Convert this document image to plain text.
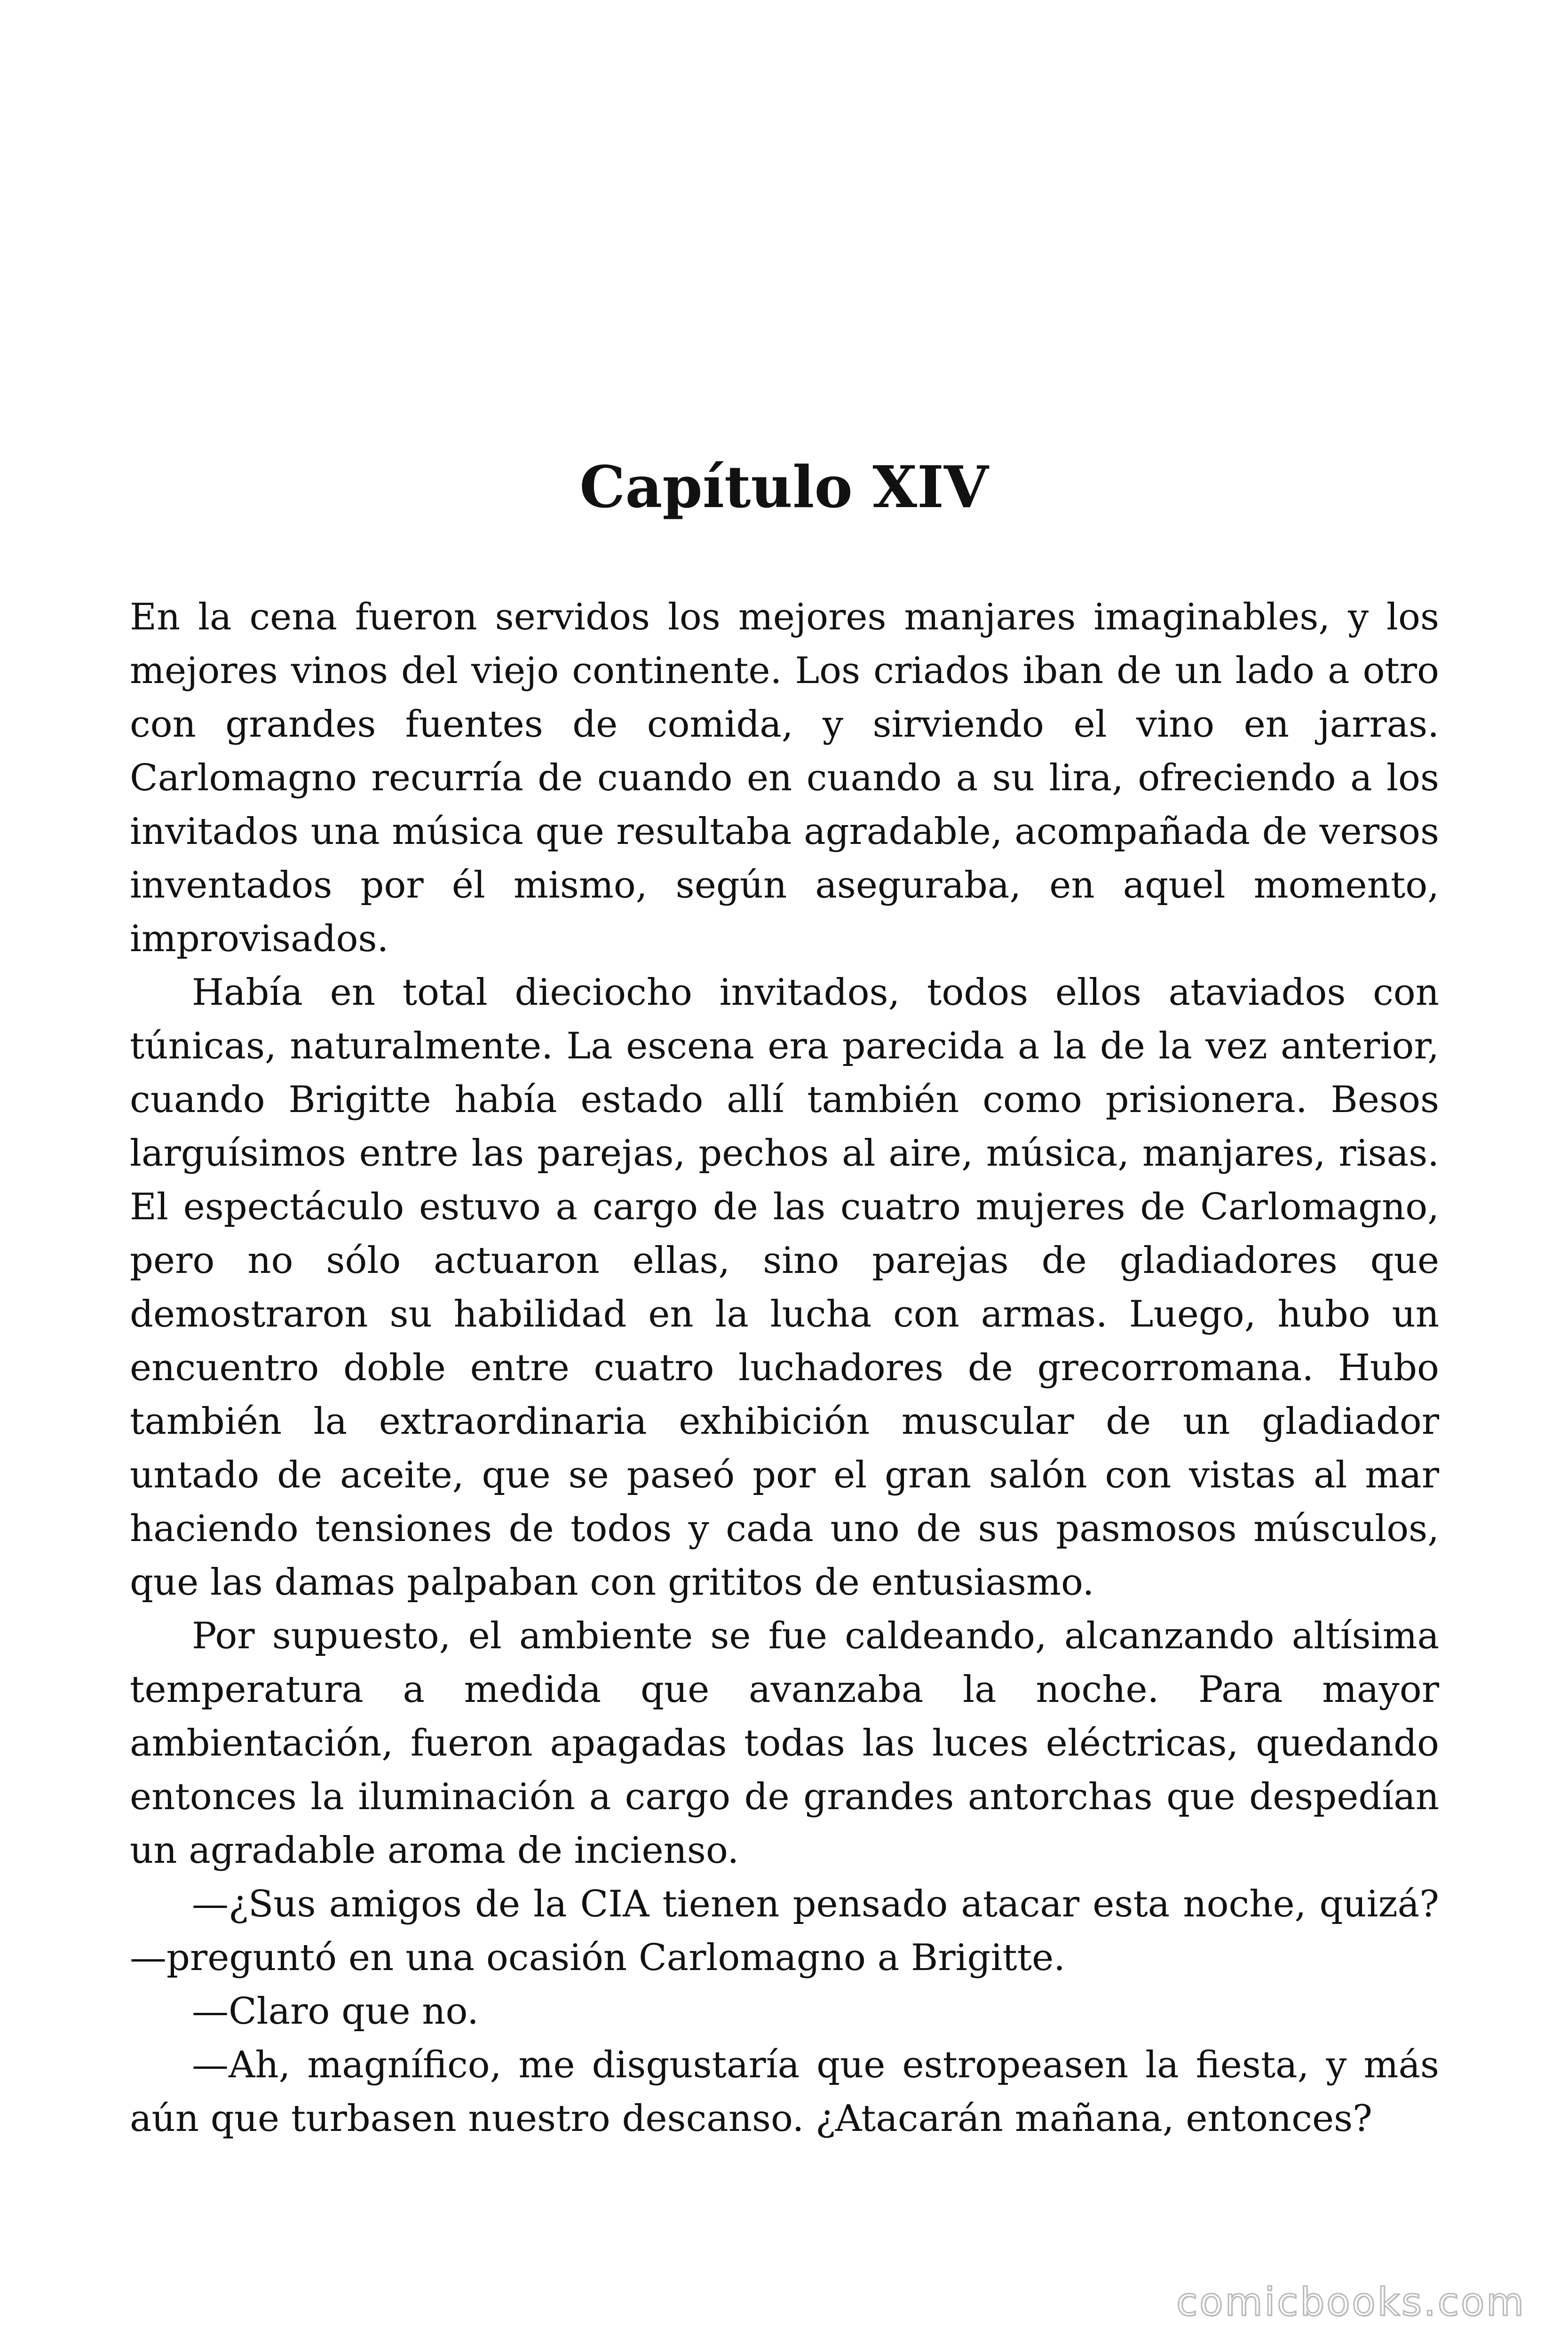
Capítulo XIV

En la cena fueron servidos los mejores manjares imaginables, y los mejores vinos del viejo continente. Los criados iban de un lado a otro con grandes fuentes de comida, y sirviendo el vino en jarras. Carlomagno recurría de cuando en cuando a su lira, ofreciendo a los invitados una música que resultaba agradable, acompañada de versos inventados por él mismo, según aseguraba, en aquel momento, improvisados.

Había en total dieciocho invitados, todos ellos ataviados con túnicas, naturalmente. La escena era parecida a la de la vez anterior, cuando Brigitte había estado allí también como prisionera. Besos larguísimos entre las parejas, pechos al aire, música, manjares, risas. El espectáculo estuvo a cargo de las cuatro mujeres de Carlomagno, pero no sólo actuaron ellas, sino parejas de gladiadores que demostraron su habilidad en la lucha con armas. Luego, hubo un encuentro doble entre cuatro luchadores de grecorromana. Hubo también la extraordinaria exhibición muscular de un gladiador untado de aceite, que se paseó por el gran salón con vistas al mar haciendo tensiones de todos y cada uno de sus pasmosos músculos, que las damas palpaban con grititos de entusiasmo.

Por supuesto, el ambiente se fue caldeando, alcanzando altísima temperatura a medida que avanzaba la noche. Para mayor ambientación, fueron apagadas todas las luces eléctricas, quedando entonces la iluminación a cargo de grandes antorchas que despedían un agradable aroma de incienso.

—¿Sus amigos de la CIA tienen pensado atacar esta noche, quizá? —preguntó en una ocasión Carlomagno a Brigitte.

—Claro que no.

—Ah, magnífico, me disgustaría que estropeasen la fiesta, y más aún que turbasen nuestro descanso. ¿Atacarán mañana, entonces?

comicbooks.com
